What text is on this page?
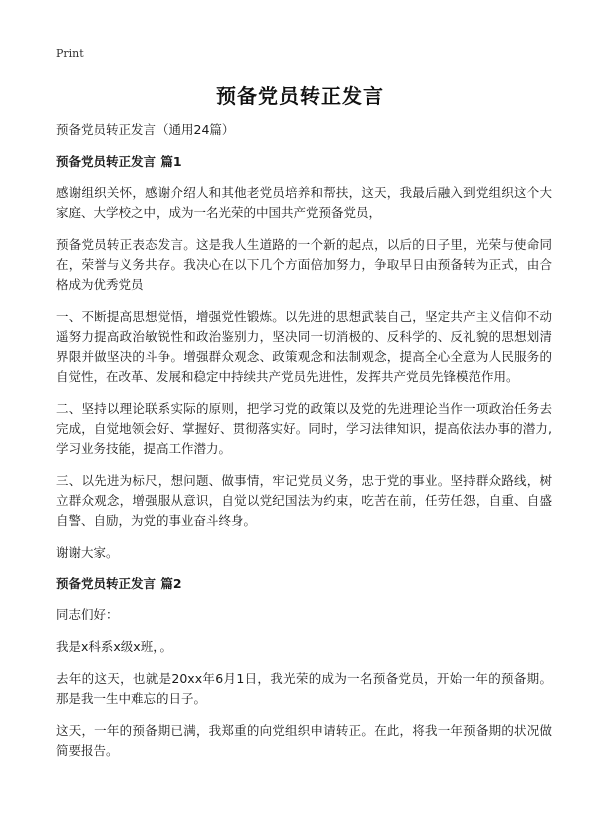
Print
预备党员转正发言
预备党员转正发言（通用24篇）
预备党员转正发言 篇1

感谢组织关怀，感谢介绍人和其他老党员培养和帮扶，这天，我最后融入到党组织这个大家庭、大学校之中，成为一名光荣的中国共产党预备党员，

预备党员转正表态发言。这是我人生道路的一个新的起点，以后的日子里，光荣与使命同在，荣誉与义务共存。我决心在以下几个方面倍加努力，争取早日由预备转为正式，由合格成为优秀党员

一、不断提高思想觉悟，增强党性锻炼。以先进的思想武装自己，坚定共产主义信仰不动遥努力提高政治敏锐性和政治鉴别力，坚决同一切消极的、反科学的、反礼貌的思想划清界限并做坚决的斗争。增强群众观念、政策观念和法制观念，提高全心全意为人民服务的自觉性，在改革、发展和稳定中持续共产党员先进性，发挥共产党员先锋模范作用。

二、坚持以理论联系实际的原则，把学习党的政策以及党的先进理论当作一项政治任务去完成，自觉地领会好、掌握好、贯彻落实好。同时，学习法律知识，提高依法办事的潜力,学习业务技能，提高工作潜力。

三、以先进为标尺，想问题、做事情，牢记党员义务，忠于党的事业。坚持群众路线，树立群众观念，增强服从意识，自觉以党纪国法为约束，吃苦在前，任劳任怨，自重、自盛自警、自励，为党的事业奋斗终身。

谢谢大家。

预备党员转正发言 篇2

同志们好：

我是x科系x级x班，。

去年的这天，也就是20xx年6月1日，我光荣的成为一名预备党员，开始一年的预备期。那是我一生中难忘的日子。

这天，一年的预备期已满，我郑重的向党组织申请转正。在此，将我一年预备期的状况做简要报告。
